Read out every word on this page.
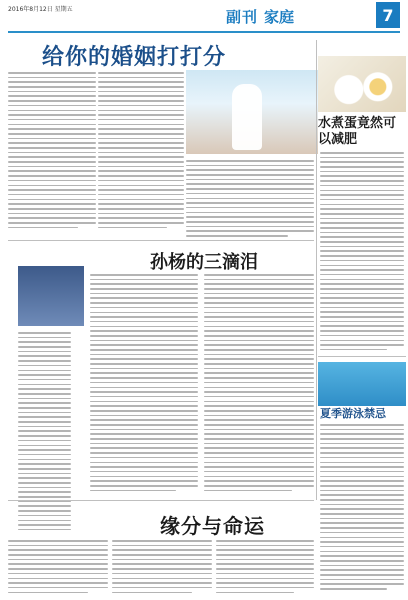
2016年8月12日 星期五	副刊 家庭	7
给你的婚姻打打分
水煮蛋竟然可以减肥
孙杨的三滴泪
夏季游泳禁忌
缘分与命运
